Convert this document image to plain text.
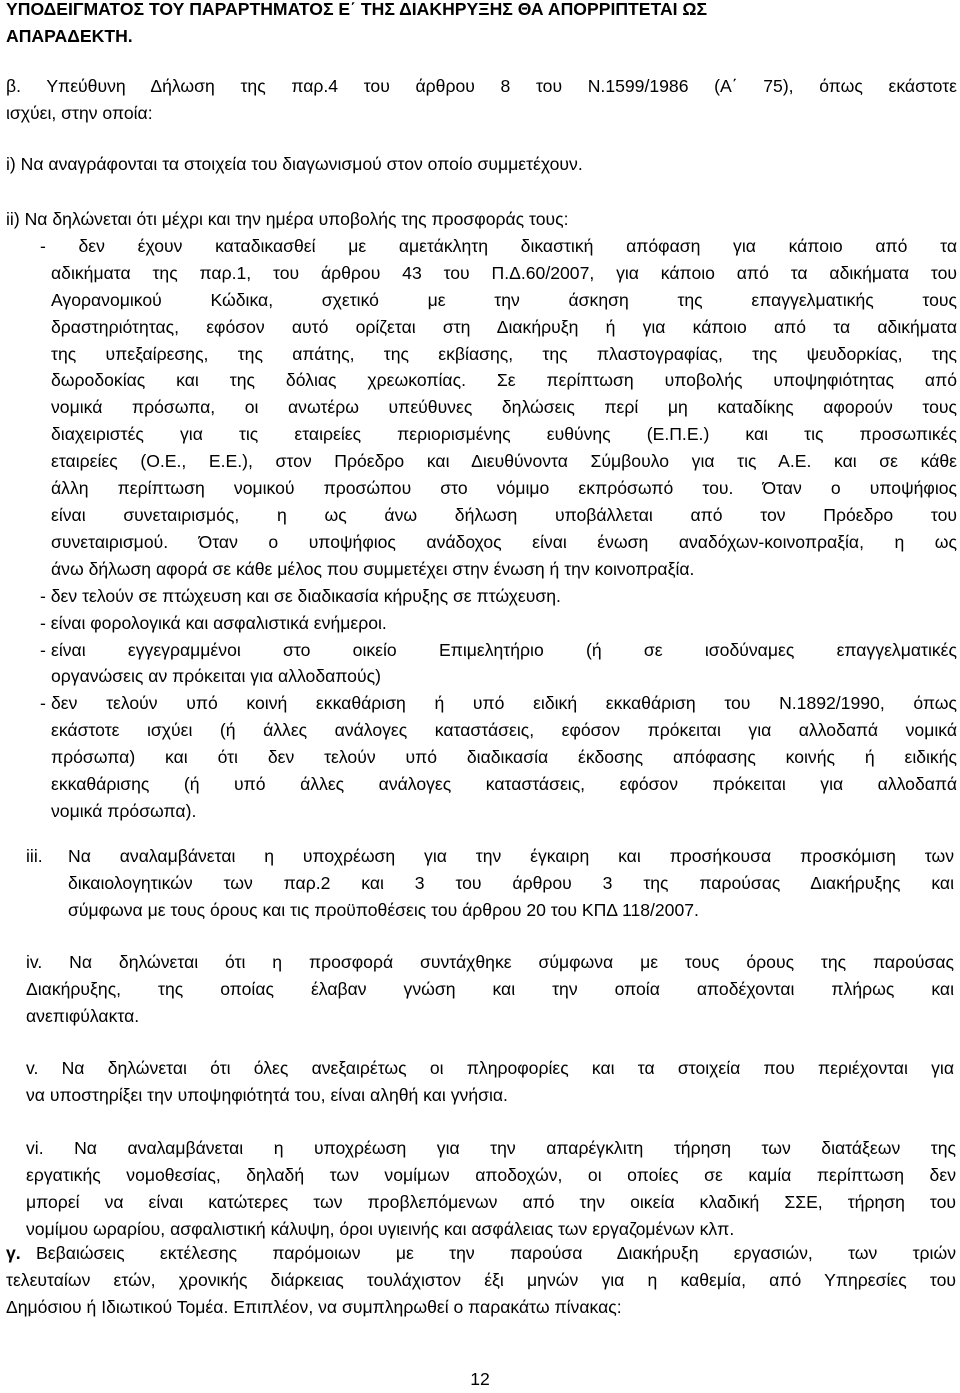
ΥΠΟΔΕΙΓΜΑΤΟΣ ΤΟΥ ΠΑΡΑΡΤΗΜΑΤΟΣ Ε΄ ΤΗΣ ΔΙΑΚΗΡΥΞΗΣ ΘΑ ΑΠΟΡΡΙΠΤΕΤΑΙ ΩΣ
ΑΠΑΡΑΔΕΚΤΗ.
β. Υπεύθυνη Δήλωση της παρ.4 του άρθρου 8 του Ν.1599/1986 (Α΄ 75), όπως εκάστοτε
ισχύει, στην οποία:
i) Να αναγράφονται τα στοιχεία του διαγωνισμού στον οποίο συμμετέχουν.
ii) Να δηλώνεται ότι μέχρι και την ημέρα υποβολής της προσφοράς τους:
- δεν έχουν καταδικασθεί με αμετάκλητη δικαστική απόφαση για κάποιο από τα
αδικήματα της παρ.1, του άρθρου 43 του Π.Δ.60/2007, για κάποιο από τα αδικήματα του
Αγορανομικού Κώδικα, σχετικό με την άσκηση της επαγγελματικής τους
δραστηριότητας, εφόσον αυτό ορίζεται στη Διακήρυξη ή για κάποιο από τα αδικήματα
της υπεξαίρεσης, της απάτης, της εκβίασης, της πλαστογραφίας, της ψευδορκίας, της
δωροδοκίας και της δόλιας χρεωκοπίας. Σε περίπτωση υποβολής υποψηφιότητας από
νομικά πρόσωπα, οι ανωτέρω υπεύθυνες δηλώσεις περί μη καταδίκης αφορούν τους
διαχειριστές για τις εταιρείες περιορισμένης ευθύνης (Ε.Π.Ε.) και τις προσωπικές
εταιρείες (Ο.Ε., Ε.Ε.), στον Πρόεδρο και Διευθύνοντα Σύμβουλο για τις Α.Ε. και σε κάθε
άλλη περίπτωση νομικού προσώπου στο νόμιμο εκπρόσωπό του. Όταν ο υποψήφιος
είναι συνεταιρισμός, η ως άνω δήλωση υποβάλλεται από τον Πρόεδρο του
συνεταιρισμού. Όταν ο υποψήφιος ανάδοχος είναι ένωση αναδόχων-κοινοπραξία, η ως
άνω δήλωση αφορά σε κάθε μέλος που συμμετέχει στην ένωση ή την κοινοπραξία.
- δεν τελούν σε πτώχευση και σε διαδικασία κήρυξης σε πτώχευση.
- είναι φορολογικά και ασφαλιστικά ενήμεροι.
- είναι εγγεγραμμένοι στο οικείο Επιμελητήριο (ή σε ισοδύναμες επαγγελματικές
οργανώσεις αν πρόκειται για αλλοδαπούς)
- δεν τελούν υπό κοινή εκκαθάριση ή υπό ειδική εκκαθάριση του Ν.1892/1990, όπως
εκάστοτε ισχύει (ή άλλες ανάλογες καταστάσεις, εφόσον πρόκειται για αλλοδαπά νομικά
πρόσωπα) και ότι δεν τελούν υπό διαδικασία έκδοσης απόφασης κοινής ή ειδικής
εκκαθάρισης (ή υπό άλλες ανάλογες καταστάσεις, εφόσον πρόκειται για αλλοδαπά
νομικά πρόσωπα).
iii. Να αναλαμβάνεται η υποχρέωση για την έγκαιρη και προσήκουσα προσκόμιση των
δικαιολογητικών των παρ.2 και 3 του άρθρου 3 της παρούσας Διακήρυξης και
σύμφωνα με τους όρους και τις προϋποθέσεις του άρθρου 20 του ΚΠΔ 118/2007.
iv. Να δηλώνεται ότι η προσφορά συντάχθηκε σύμφωνα με τους όρους της παρούσας
Διακήρυξης, της οποίας έλαβαν γνώση και την οποία αποδέχονται πλήρως και
ανεπιφύλακτα.
v. Να δηλώνεται ότι όλες ανεξαιρέτως οι πληροφορίες και τα στοιχεία που περιέχονται για
να υποστηρίξει την υποψηφιότητά του, είναι αληθή και γνήσια.
vi. Να αναλαμβάνεται η υποχρέωση για την απαρέγκλιτη τήρηση των διατάξεων της
εργατικής νομοθεσίας, δηλαδή των νομίμων αποδοχών, οι οποίες σε καμία περίπτωση δεν
μπορεί να είναι κατώτερες των προβλεπόμενων από την οικεία κλαδική ΣΣΕ, τήρηση του
νομίμου ωραρίου, ασφαλιστική κάλυψη, όροι υγιεινής και ασφάλειας των εργαζομένων κλπ.
γ. Βεβαιώσεις εκτέλεσης παρόμοιων με την παρούσα Διακήρυξη εργασιών, των τριών
τελευταίων ετών, χρονικής διάρκειας τουλάχιστον έξι μηνών για η καθεμία, από Υπηρεσίες του
Δημόσιου ή Ιδιωτικού Τομέα. Επιπλέον, να συμπληρωθεί ο παρακάτω πίνακας:
12
